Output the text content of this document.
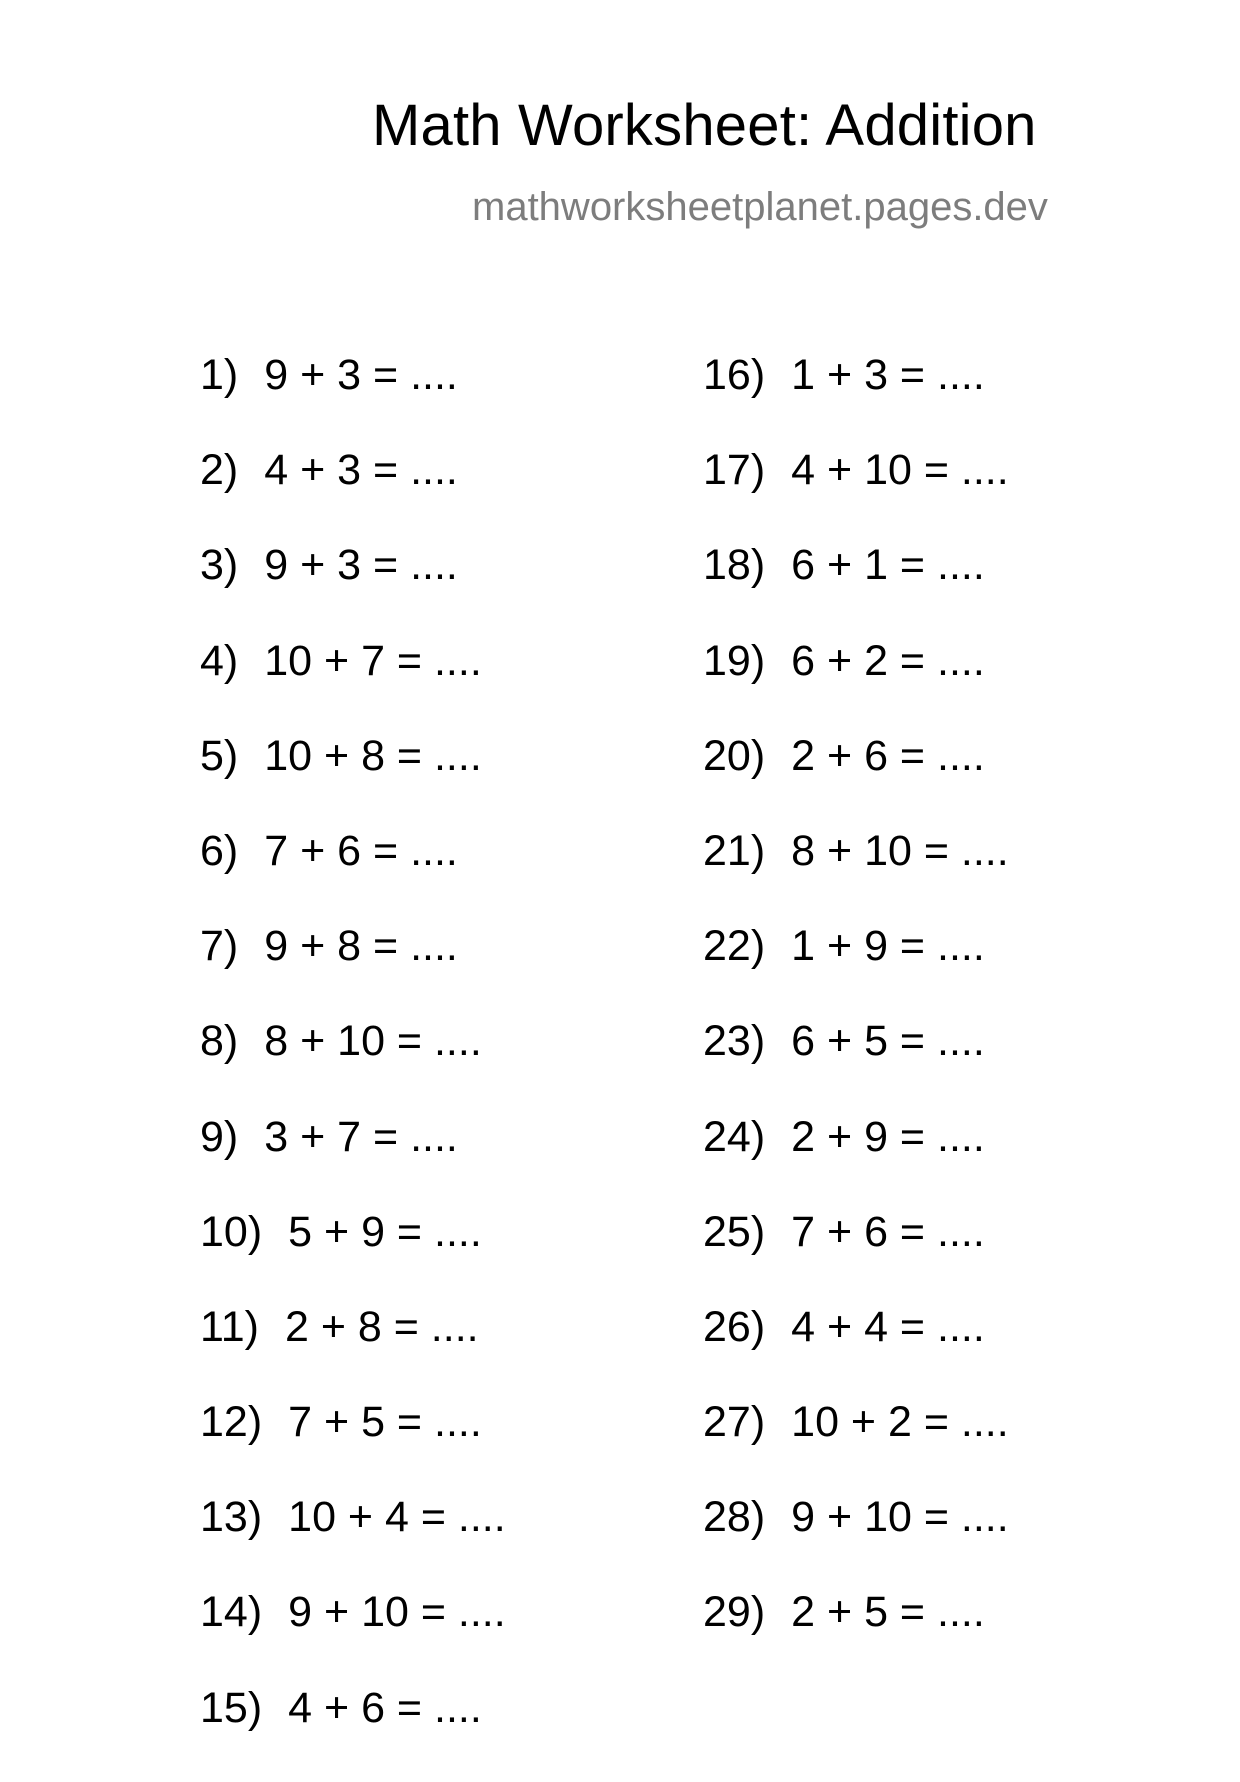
Math Worksheet: Addition
mathworksheetplanet.pages.dev
1) 9 + 3 = ....
2) 4 + 3 = ....
3) 9 + 3 = ....
4) 10 + 7 = ....
5) 10 + 8 = ....
6) 7 + 6 = ....
7) 9 + 8 = ....
8) 8 + 10 = ....
9) 3 + 7 = ....
10) 5 + 9 = ....
11) 2 + 8 = ....
12) 7 + 5 = ....
13) 10 + 4 = ....
14) 9 + 10 = ....
15) 4 + 6 = ....
16) 1 + 3 = ....
17) 4 + 10 = ....
18) 6 + 1 = ....
19) 6 + 2 = ....
20) 2 + 6 = ....
21) 8 + 10 = ....
22) 1 + 9 = ....
23) 6 + 5 = ....
24) 2 + 9 = ....
25) 7 + 6 = ....
26) 4 + 4 = ....
27) 10 + 2 = ....
28) 9 + 10 = ....
29) 2 + 5 = ....
